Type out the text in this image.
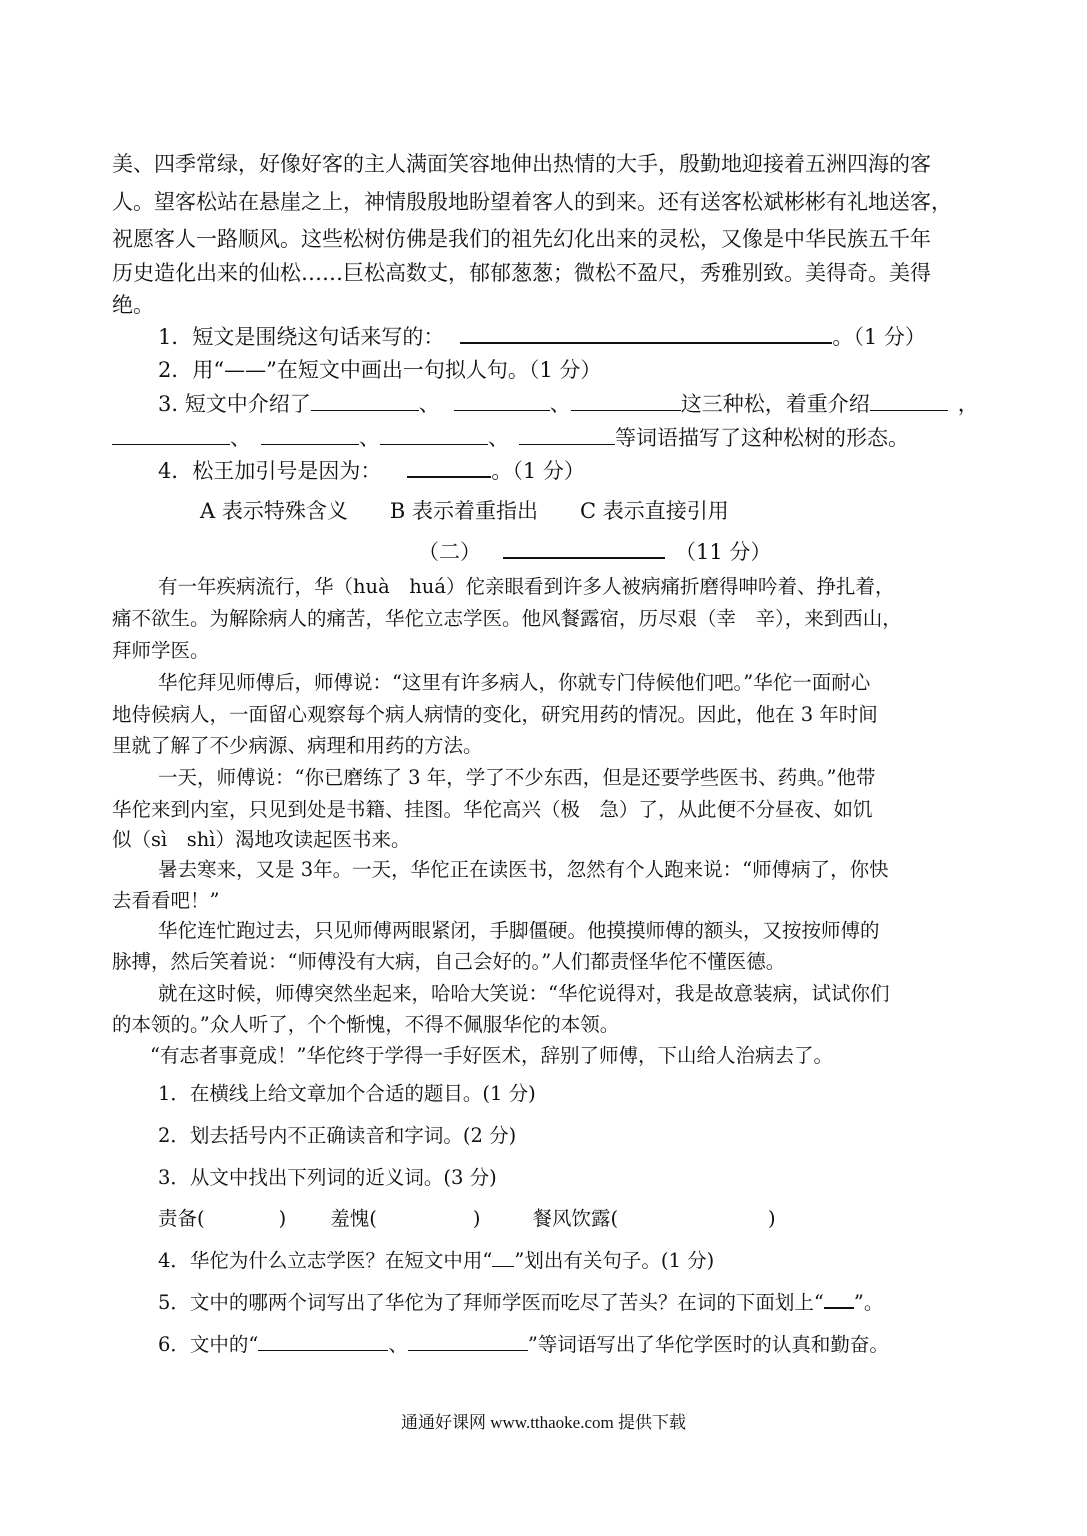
美、四季常绿，好像好客的主人满面笑容地伸出热情的大手，殷勤地迎接着五洲四海的客
人。望客松站在悬崖之上，神情殷殷地盼望着客人的到来。还有送客松斌彬彬有礼地送客，
祝愿客人一路顺风。这些松树仿佛是我们的祖先幻化出来的灵松，又像是中华民族五千年
历史造化出来的仙松……巨松高数丈，郁郁葱葱；微松不盈尺，秀雅别致。美得奇。美得
绝。
1．短文是围绕这句话来写的：	。（1 分）
2．用“——”在短文中画出一句拟人句。（1 分）
3. 短文中介绍了	、	、	这三种松，着重介绍	，
、	、	、	等词语描写了这种松树的形态。
4．松王加引号是因为：	。（1 分）
A 表示特殊含义 B 表示着重指出 C 表示直接引用
（二）	（11 分）
有一年疾病流行，华（huà　huá）佗亲眼看到许多人被病痛折磨得呻吟着、挣扎着，
痛不欲生。为解除病人的痛苦，华佗立志学医。他风餐露宿，历尽艰（幸　辛），来到西山，
拜师学医。
华佗拜见师傅后，师傅说：“这里有许多病人，你就专门侍候他们吧。”华佗一面耐心
地侍候病人，一面留心观察每个病人病情的变化，研究用药的情况。因此，他在 3 年时间
里就了解了不少病源、病理和用药的方法。
一天，师傅说：“你已磨练了 3 年，学了不少东西，但是还要学些医书、药典。”他带
华佗来到内室，只见到处是书籍、挂图。华佗高兴（极　急）了，从此便不分昼夜、如饥
似（sì　shì）渴地攻读起医书来。
暑去寒来，又是 3年。一天，华佗正在读医书，忽然有个人跑来说：“师傅病了，你快
去看看吧！”
华佗连忙跑过去，只见师傅两眼紧闭，手脚僵硬。他摸摸师傅的额头，又按按师傅的
脉搏，然后笑着说：“师傅没有大病，自己会好的。”人们都责怪华佗不懂医德。
就在这时候，师傅突然坐起来，哈哈大笑说：“华佗说得对，我是故意装病，试试你们
的本领的。”众人听了，个个惭愧，不得不佩服华佗的本领。
“有志者事竟成！”华佗终于学得一手好医术，辞别了师傅，下山给人治病去了。
1．在横线上给文章加个合适的题目。(1 分)
2．划去括号内不正确读音和字词。(2 分)
3．从文中找出下列词的近义词。(3 分)
责备(	) 羞愧(	)	餐风饮露(	)
4．华佗为什么立志学医？在短文中用“ ”划出有关句子。(1 分)
5．文中的哪两个词写出了华佗为了拜师学医而吃尽了苦头？在词的下面划上“ ”。
6．文中的“	、	”等词语写出了华佗学医时的认真和勤奋。
通通好课网 www.tthaoke.com 提供下载
